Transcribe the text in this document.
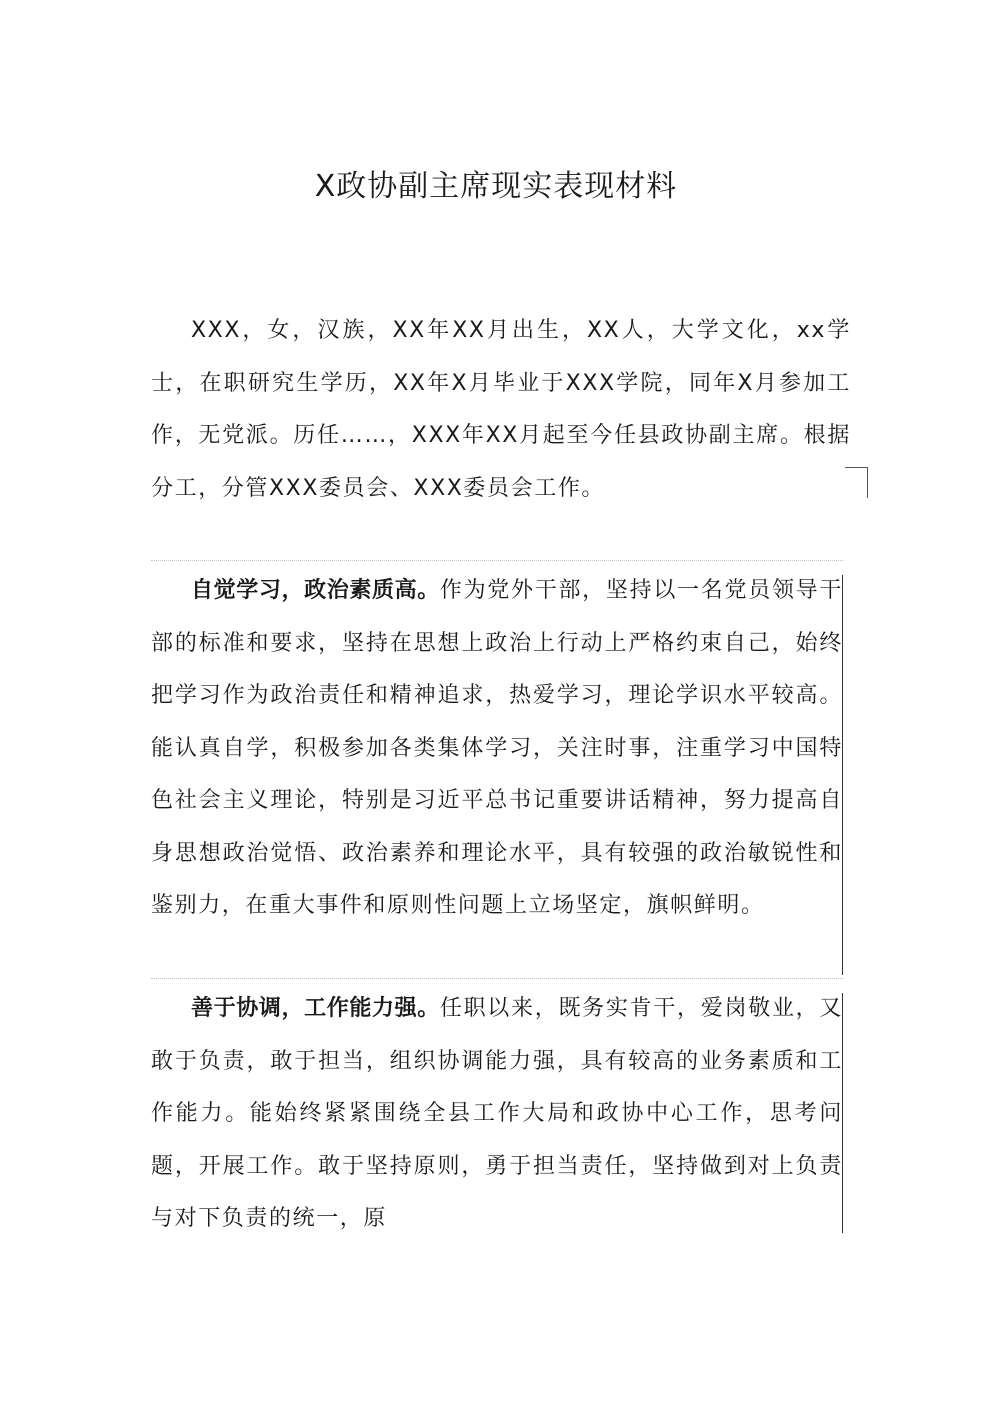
X政协副主席现实表现材料

XXX，女，汉族，XX年XX月出生，XX人，大学文化，xx学士，在职研究生学历，XX年X月毕业于XXX学院，同年X月参加工作，无党派。历任……，XXX年XX月起至今任县政协副主席。根据分工，分管XXX委员会、XXX委员会工作。

自觉学习，政治素质高。作为党外干部，坚持以一名党员领导干部的标准和要求，坚持在思想上政治上行动上严格约束自己，始终把学习作为政治责任和精神追求，热爱学习，理论学识水平较高。能认真自学，积极参加各类集体学习，关注时事，注重学习中国特色社会主义理论，特别是习近平总书记重要讲话精神，努力提高自身思想政治觉悟、政治素养和理论水平，具有较强的政治敏锐性和鉴别力，在重大事件和原则性问题上立场坚定，旗帜鲜明。

善于协调，工作能力强。任职以来，既务实肯干，爱岗敬业，又敢于负责，敢于担当，组织协调能力强，具有较高的业务素质和工作能力。能始终紧紧围绕全县工作大局和政协中心工作，思考问题，开展工作。敢于坚持原则，勇于担当责任，坚持做到对上负责与对下负责的统一，原
